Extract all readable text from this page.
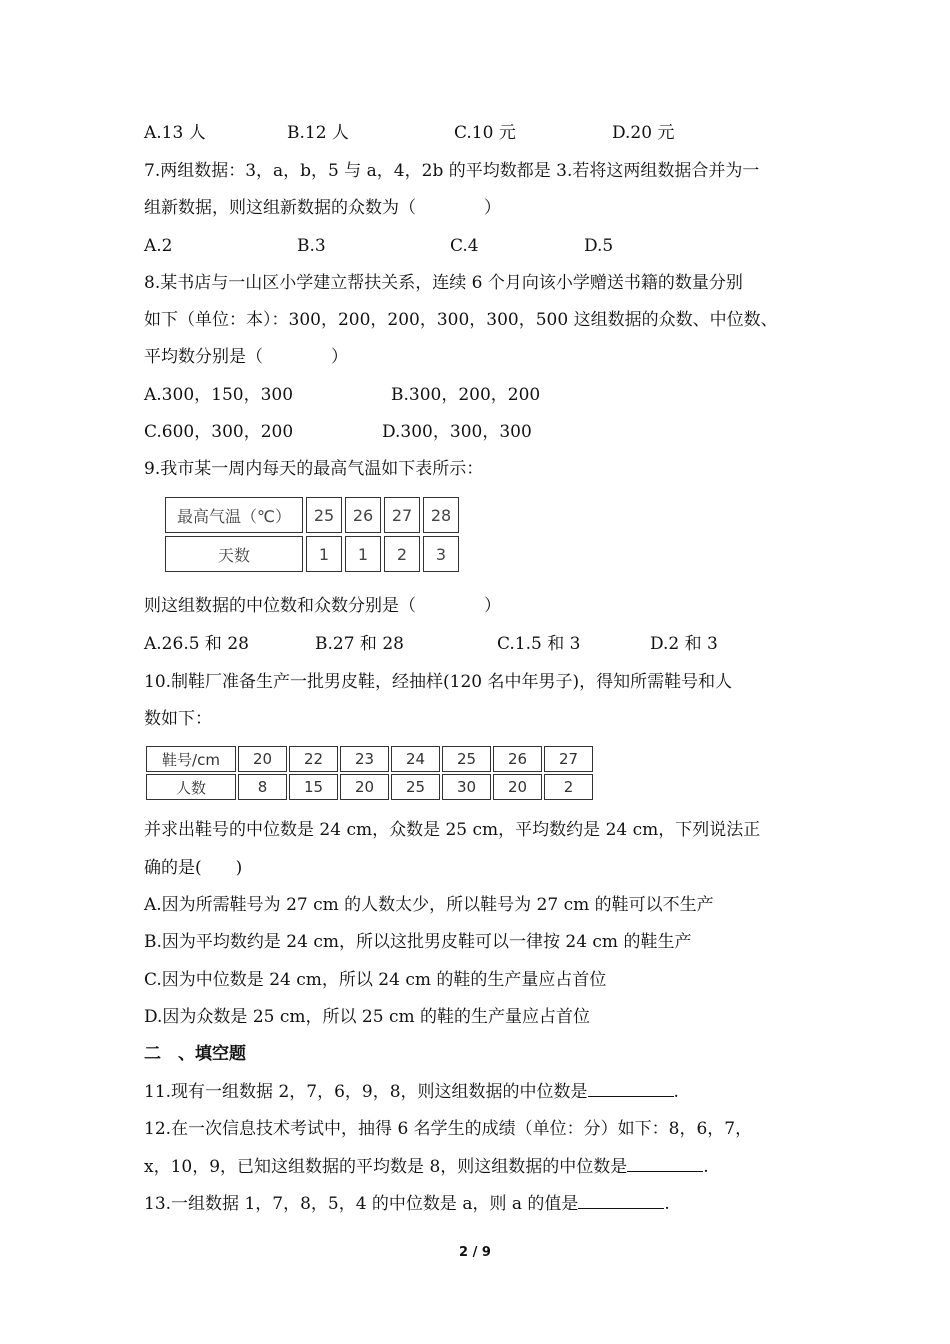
A.13 人	B.12 人	C.10 元	D.20 元
7.两组数据：3，a，b，5 与 a，4，2b 的平均数都是 3.若将这两组数据合并为一
组新数据，则这组新数据的众数为（　　　　）
A.2	B.3	C.4	D.5
8.某书店与一山区小学建立帮扶关系，连续 6 个月向该小学赠送书籍的数量分别
如下（单位：本）：300，200，200，300，300，500 这组数据的众数、中位数、
平均数分别是（　　　　）
A.300，150，300	B.300，200，200
C.600，300，200	D.300，300，300
9.我市某一周内每天的最高气温如下表所示：
最高气温（℃）	25	26	27	28
天数	1	1	2	3
则这组数据的中位数和众数分别是（　　　　）
A.26.5 和 28	B.27 和 28	C.1.5 和 3	D.2 和 3
10.制鞋厂准备生产一批男皮鞋，经抽样(120 名中年男子)，得知所需鞋号和人
数如下：
鞋号/cm	20	22	23	24	25	26	27
人数	8	15	20	25	30	20	2
并求出鞋号的中位数是 24 cm，众数是 25 cm，平均数约是 24 cm，下列说法正
确的是(　　)
A.因为所需鞋号为 27 cm 的人数太少，所以鞋号为 27 cm 的鞋可以不生产
B.因为平均数约是 24 cm，所以这批男皮鞋可以一律按 24 cm 的鞋生产
C.因为中位数是 24 cm，所以 24 cm 的鞋的生产量应占首位
D.因为众数是 25 cm，所以 25 cm 的鞋的生产量应占首位
二　、填空题
11.现有一组数据 2，7，6，9，8，则这组数据的中位数是	.
12.在一次信息技术考试中，抽得 6 名学生的成绩（单位：分）如下：8，6，7，
x，10，9，已知这组数据的平均数是 8，则这组数据的中位数是	.
13.一组数据 1，7，8，5，4 的中位数是 a，则 a 的值是	.
2 / 9
